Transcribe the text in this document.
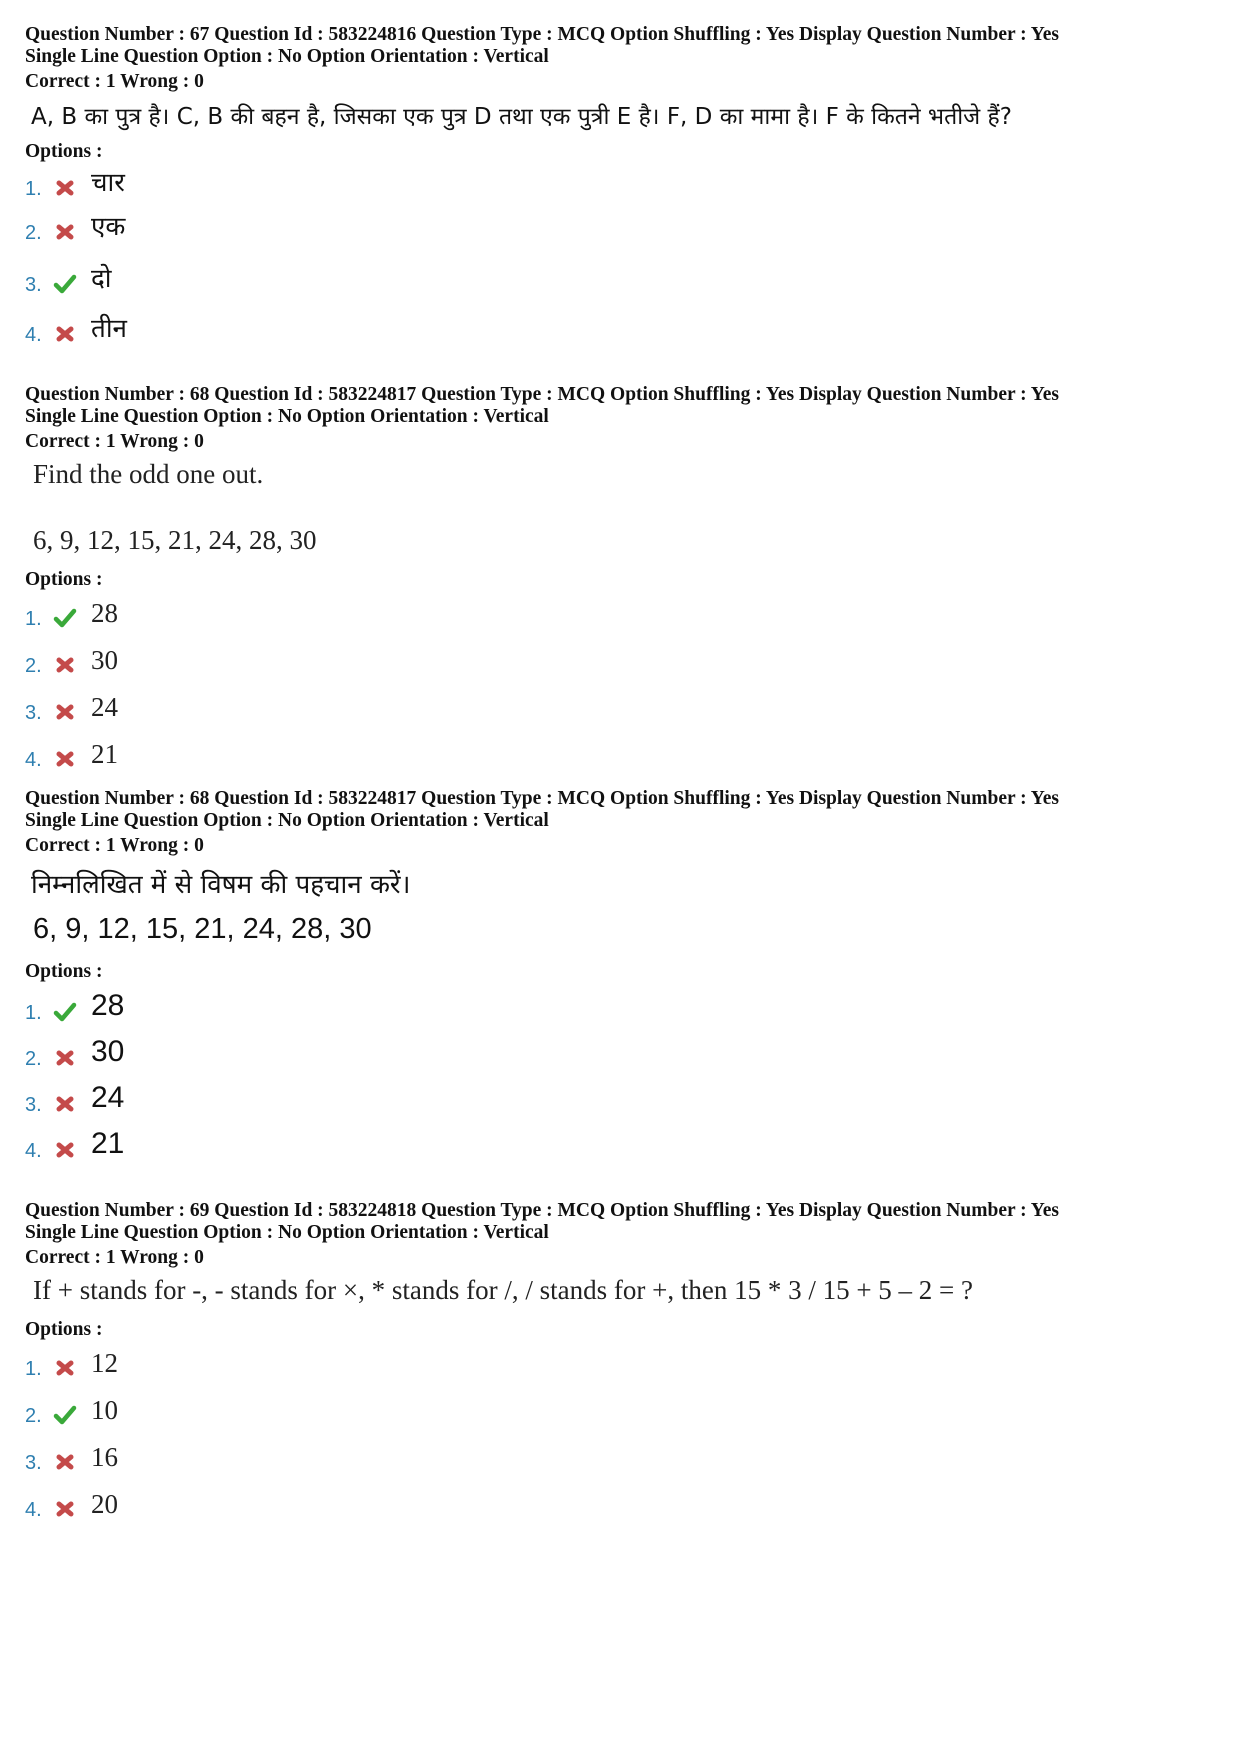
Question Number : 67 Question Id : 583224816 Question Type : MCQ Option Shuffling : Yes Display Question Number : Yes
Single Line Question Option : No Option Orientation : Vertical
Correct : 1 Wrong : 0
A, B का पुत्र है। C, B की बहन है, जिसका एक पुत्र D तथा एक पुत्री E है। F, D का मामा है। F के कितने भतीजे हैं?
Options :
1. चार
2. एक
3. दो
4. तीन
Question Number : 68 Question Id : 583224817 Question Type : MCQ Option Shuffling : Yes Display Question Number : Yes
Single Line Question Option : No Option Orientation : Vertical
Correct : 1 Wrong : 0
Find the odd one out.
6, 9, 12, 15, 21, 24, 28, 30
Options :
1. 28
2. 30
3. 24
4. 21
Question Number : 68 Question Id : 583224817 Question Type : MCQ Option Shuffling : Yes Display Question Number : Yes
Single Line Question Option : No Option Orientation : Vertical
Correct : 1 Wrong : 0
निम्नलिखित में से विषम की पहचान करें।
6, 9, 12, 15, 21, 24, 28, 30
Options :
1. 28
2. 30
3. 24
4. 21
Question Number : 69 Question Id : 583224818 Question Type : MCQ Option Shuffling : Yes Display Question Number : Yes
Single Line Question Option : No Option Orientation : Vertical
Correct : 1 Wrong : 0
If + stands for -, - stands for ×, * stands for /, / stands for +, then 15 * 3 / 15 + 5 – 2 = ?
Options :
1. 12
2. 10
3. 16
4. 20
